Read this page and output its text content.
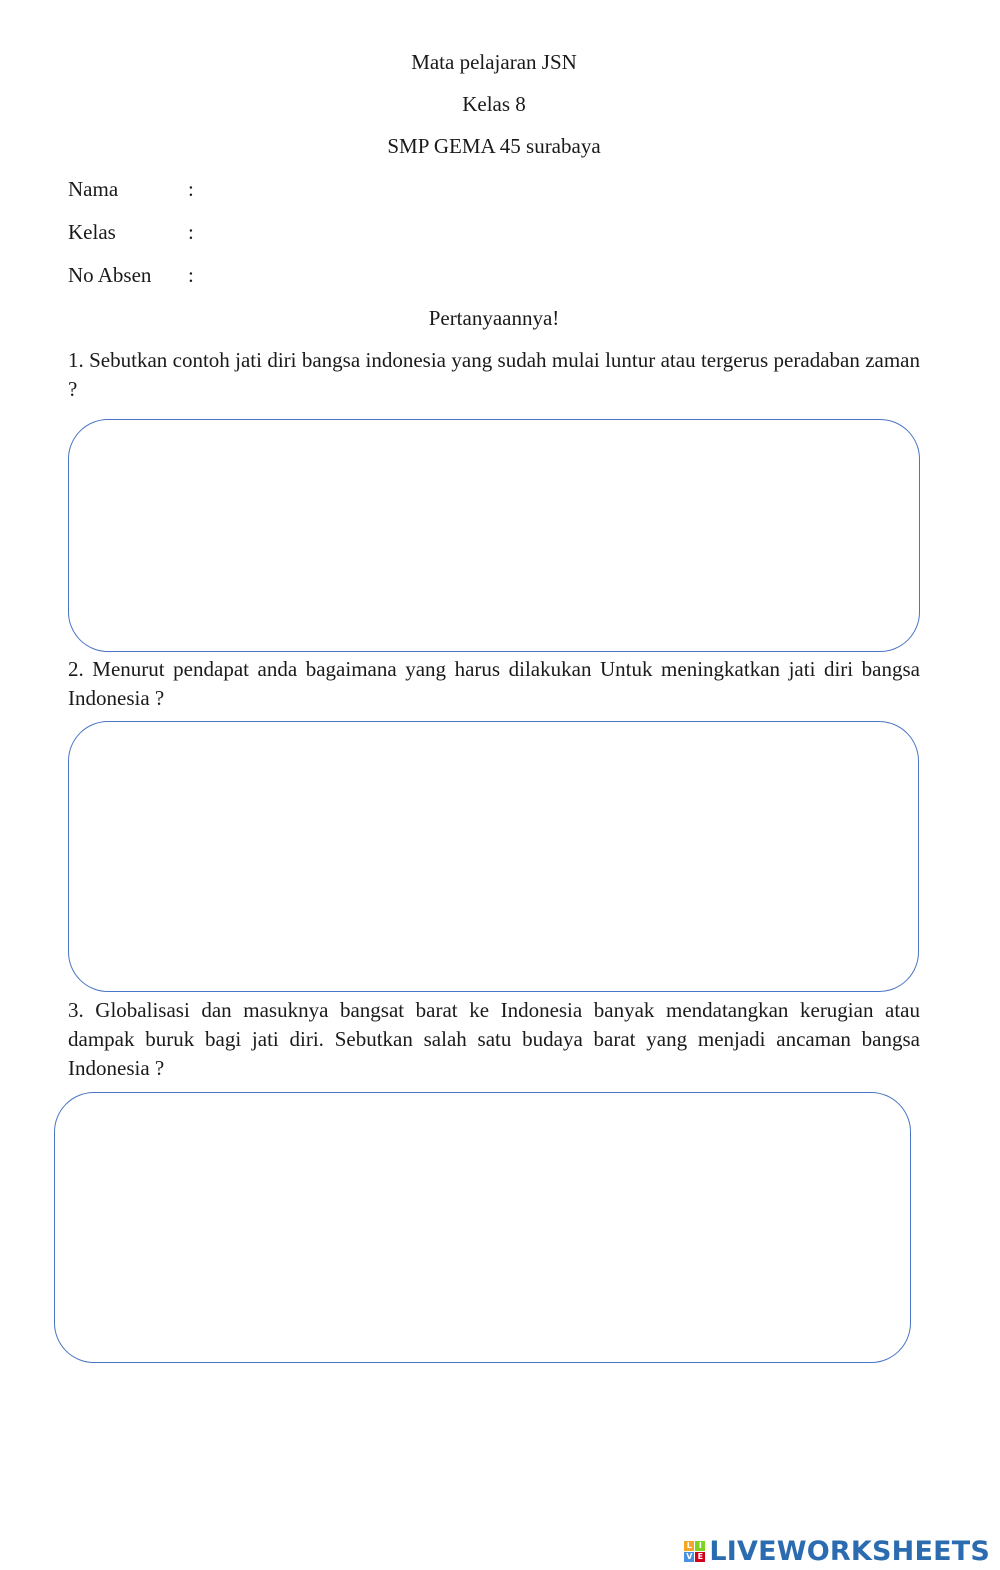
Mata pelajaran JSN
Kelas 8
SMP GEMA 45 surabaya
Nama	:
Kelas	:
No Absen :
Pertanyaannya!
1. Sebutkan contoh jati diri bangsa indonesia yang sudah mulai luntur atau tergerus peradaban zaman ?
2. Menurut pendapat anda bagaimana yang harus dilakukan Untuk meningkatkan jati diri bangsa Indonesia ?
3. Globalisasi dan masuknya bangsat barat ke Indonesia banyak mendatangkan kerugian atau dampak buruk bagi jati diri. Sebutkan salah satu budaya barat yang menjadi ancaman bangsa Indonesia ?
L I
V E LIVEWORKSHEETS
